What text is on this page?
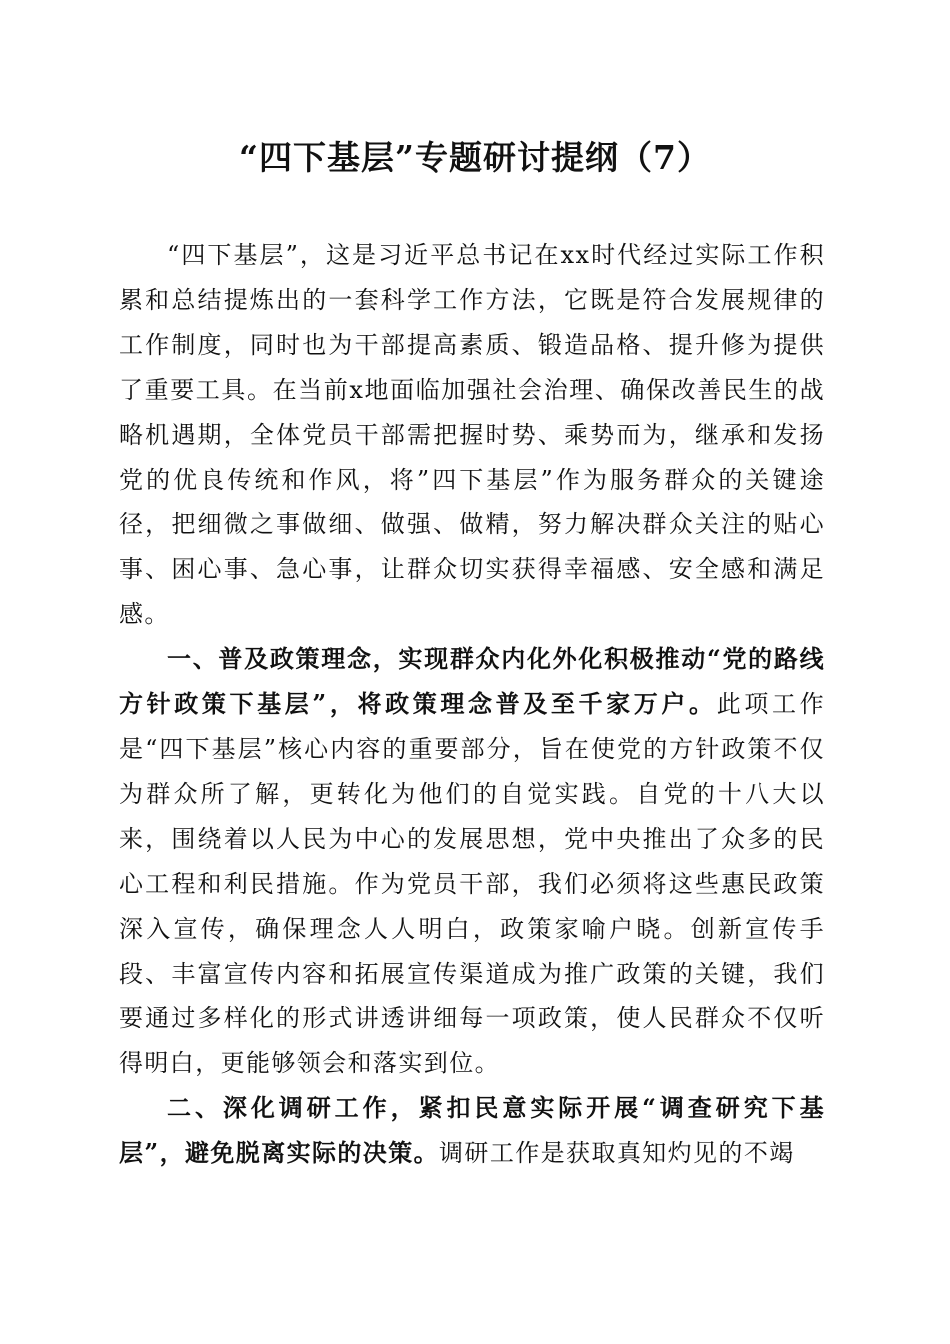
“四下基层”专题研讨提纲（7）

“四下基层”，这是习近平总书记在xx时代经过实际工作积累和总结提炼出的一套科学工作方法，它既是符合发展规律的工作制度，同时也为干部提高素质、锻造品格、提升修为提供了重要工具。在当前x地面临加强社会治理、确保改善民生的战略机遇期，全体党员干部需把握时势、乘势而为，继承和发扬党的优良传统和作风，将”四下基层”作为服务群众的关键途径，把细微之事做细、做强、做精，努力解决群众关注的贴心事、困心事、急心事，让群众切实获得幸福感、安全感和满足感。

一、普及政策理念，实现群众内化外化积极推动“党的路线方针政策下基层”，将政策理念普及至千家万户。此项工作是“四下基层”核心内容的重要部分，旨在使党的方针政策不仅为群众所了解，更转化为他们的自觉实践。自党的十八大以来，围绕着以人民为中心的发展思想，党中央推出了众多的民心工程和利民措施。作为党员干部，我们必须将这些惠民政策深入宣传，确保理念人人明白，政策家喻户晓。创新宣传手段、丰富宣传内容和拓展宣传渠道成为推广政策的关键，我们要通过多样化的形式讲透讲细每一项政策，使人民群众不仅听得明白，更能够领会和落实到位。

二、深化调研工作，紧扣民意实际开展“调查研究下基层”，避免脱离实际的决策。调研工作是获取真知灼见的不竭
